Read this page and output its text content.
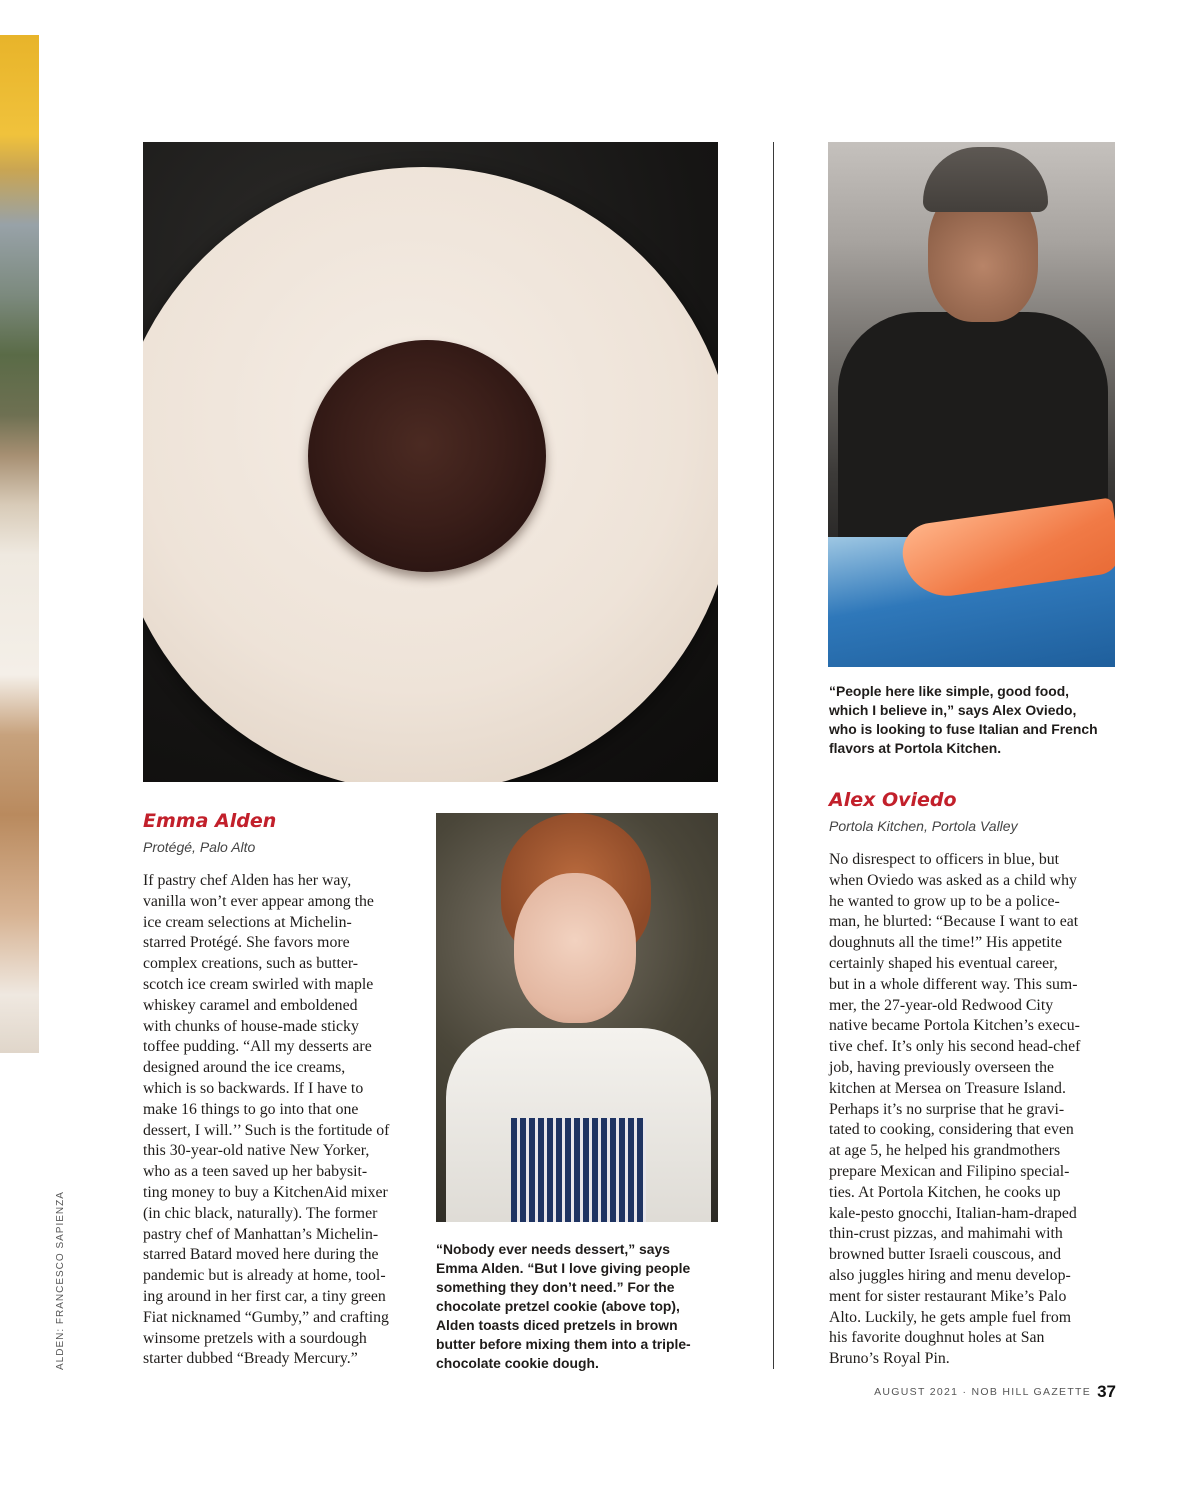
ALDEN: FRANCESCO SAPIENZA

“People here like simple, good food,

which I believe in,” says Alex Oviedo,

who is looking to fuse Italian and French

flavors at Portola Kitchen.

Emma Alden

Protégé, Palo Alto

If pastry chef Alden has her way,

vanilla won’t ever appear among the

ice cream selections at Michelin-

starred Protégé. She favors more

complex creations, such as butter-

scotch ice cream swirled with maple

whiskey caramel and emboldened

with chunks of house-made sticky

toffee pudding. “All my desserts are

designed around the ice creams,

which is so backwards. If I have to

make 16 things to go into that one

dessert, I will.’’ Such is the fortitude of

this 30-year-old native New Yorker,

who as a teen saved up her babysit-

ting money to buy a KitchenAid mixer

(in chic black, naturally). The former

pastry chef of Manhattan’s Michelin-

starred Batard moved here during the

pandemic but is already at home, tool-

ing around in her first car, a tiny green

Fiat nicknamed “Gumby,” and crafting

winsome pretzels with a sourdough

starter dubbed “Bready Mercury.”

“Nobody ever needs dessert,” says

Emma Alden. “But I love giving people

something they don’t need.” For the

chocolate pretzel cookie (above top),

Alden toasts diced pretzels in brown

butter before mixing them into a triple-

chocolate cookie dough.

Alex Oviedo

Portola Kitchen, Portola Valley

No disrespect to officers in blue, but

when Oviedo was asked as a child why

he wanted to grow up to be a police-

man, he blurted: “Because I want to eat

doughnuts all the time!” His appetite

certainly shaped his eventual career,

but in a whole different way. This sum-

mer, the 27-year-old Redwood City

native became Portola Kitchen’s execu-

tive chef. It’s only his second head-chef

job, having previously overseen the

kitchen at Mersea on Treasure Island.

Perhaps it’s no surprise that he gravi-

tated to cooking, considering that even

at age 5, he helped his grandmothers

prepare Mexican and Filipino special-

ties. At Portola Kitchen, he cooks up

kale-pesto gnocchi, Italian-ham-draped

thin-crust pizzas, and mahimahi with

browned butter Israeli couscous, and

also juggles hiring and menu develop-

ment for sister restaurant Mike’s Palo

Alto. Luckily, he gets ample fuel from

his favorite doughnut holes at San

Bruno’s Royal Pin.

AUGUST 2021 · NOB HILL GAZETTE 37
